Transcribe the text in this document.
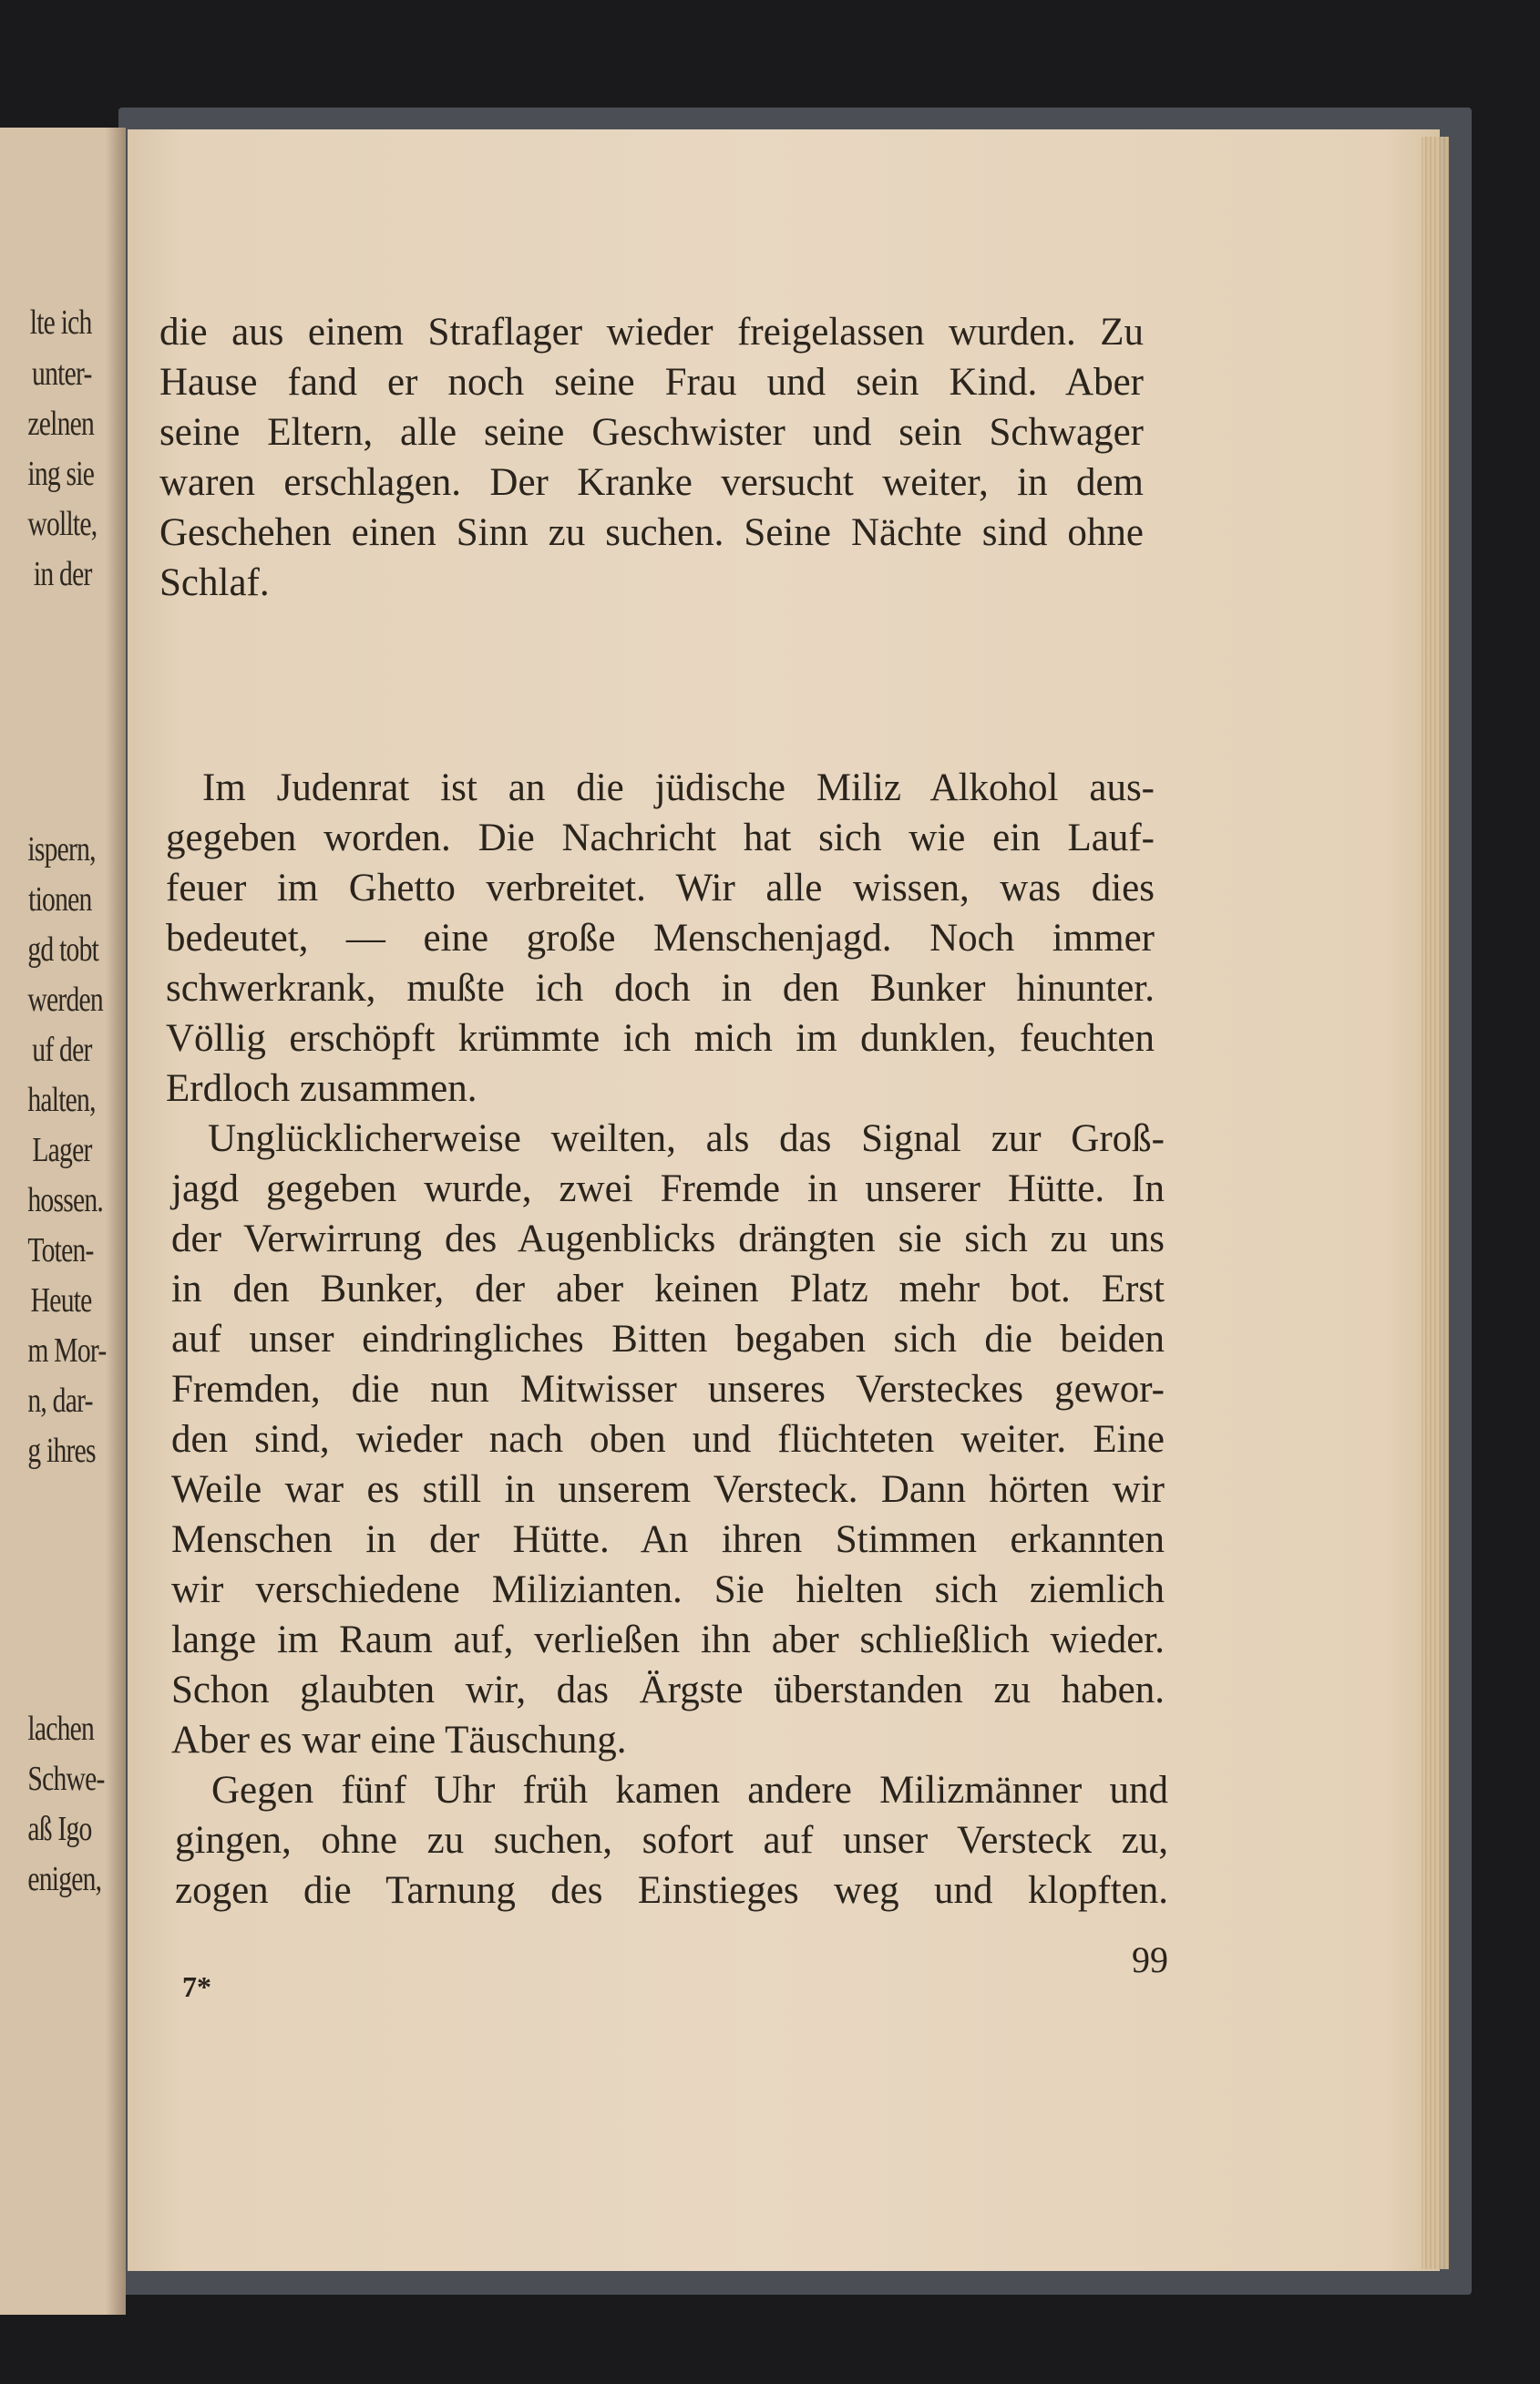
lte ich
unter-
zelnen
ing sie
wollte,
in der
ispern,
tionen
gd tobt
werden
uf der
halten,
Lager
hossen.
Toten-
Heute
m Mor-
n, dar-
g ihres
lachen
Schwe-
aß Igo
enigen,
die aus einem Straflager wieder freigelassen wurden. Zu
Hause fand er noch seine Frau und sein Kind. Aber
seine Eltern, alle seine Geschwister und sein Schwager
waren erschlagen. Der Kranke versucht weiter, in dem
Geschehen einen Sinn zu suchen. Seine Nächte sind ohne
Schlaf.
Im Judenrat ist an die jüdische Miliz Alkohol aus-
gegeben worden. Die Nachricht hat sich wie ein Lauf-
feuer im Ghetto verbreitet. Wir alle wissen, was dies
bedeutet, — eine große Menschenjagd. Noch immer
schwerkrank, mußte ich doch in den Bunker hinunter.
Völlig erschöpft krümmte ich mich im dunklen, feuchten
Erdloch zusammen.
Unglücklicherweise weilten, als das Signal zur Groß-
jagd gegeben wurde, zwei Fremde in unserer Hütte. In
der Verwirrung des Augenblicks drängten sie sich zu uns
in den Bunker, der aber keinen Platz mehr bot. Erst
auf unser eindringliches Bitten begaben sich die beiden
Fremden, die nun Mitwisser unseres Versteckes gewor-
den sind, wieder nach oben und flüchteten weiter. Eine
Weile war es still in unserem Versteck. Dann hörten wir
Menschen in der Hütte. An ihren Stimmen erkannten
wir verschiedene Milizianten. Sie hielten sich ziemlich
lange im Raum auf, verließen ihn aber schließlich wieder.
Schon glaubten wir, das Ärgste überstanden zu haben.
Aber es war eine Täuschung.
Gegen fünf Uhr früh kamen andere Milizmänner und
gingen, ohne zu suchen, sofort auf unser Versteck zu,
zogen die Tarnung des Einstieges weg und klopften.
7*
99
